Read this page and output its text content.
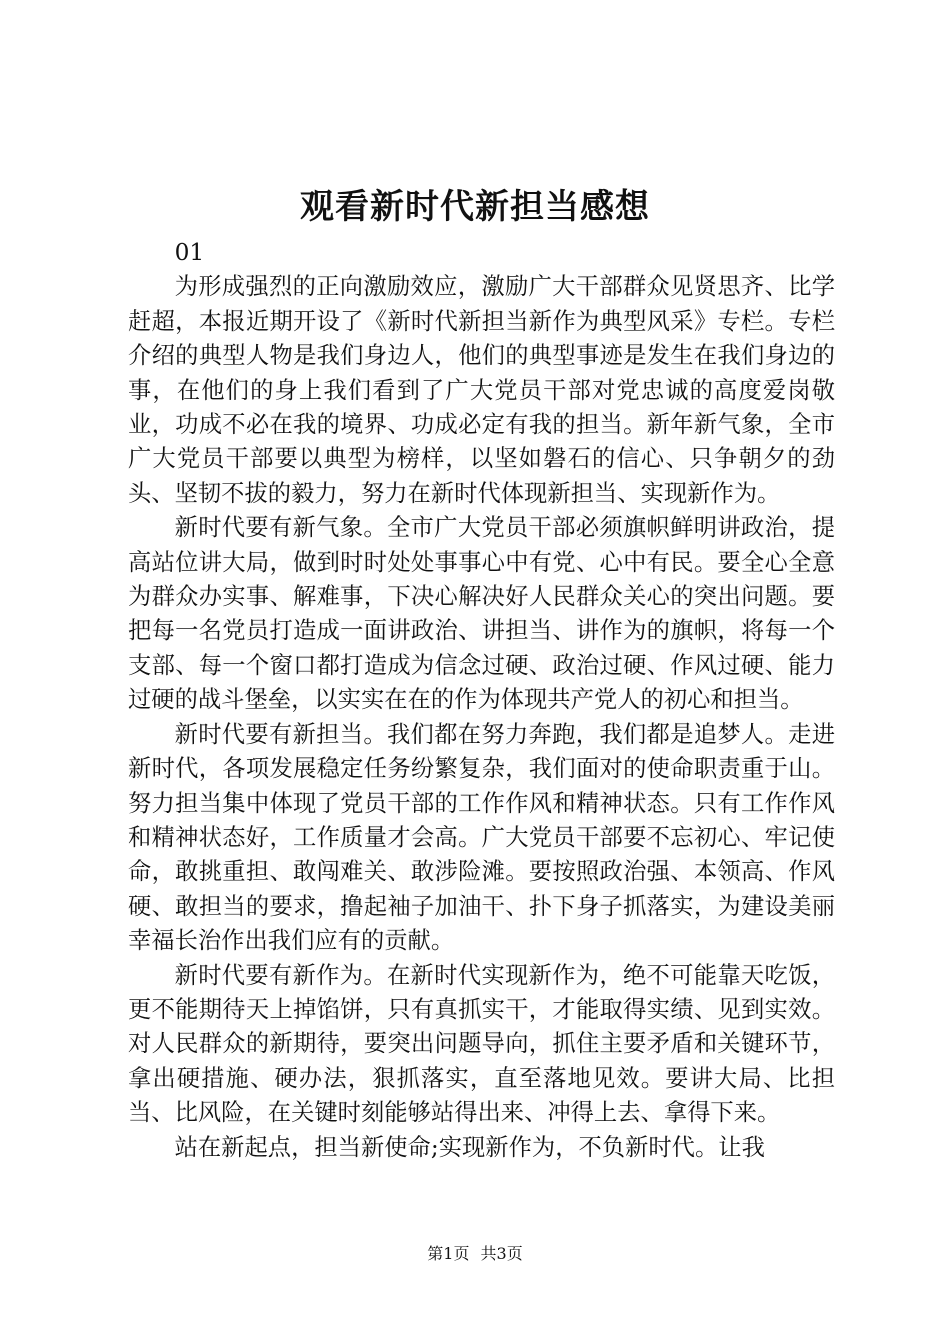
观看新时代新担当感想

01

为形成强烈的正向激励效应，激励广大干部群众见贤思齐、比学赶超，本报近期开设了《新时代新担当新作为典型风采》专栏。专栏介绍的典型人物是我们身边人，他们的典型事迹是发生在我们身边的事，在他们的身上我们看到了广大党员干部对党忠诚的高度爱岗敬业，功成不必在我的境界、功成必定有我的担当。新年新气象，全市广大党员干部要以典型为榜样，以坚如磐石的信心、只争朝夕的劲头、坚韧不拔的毅力，努力在新时代体现新担当、实现新作为。

新时代要有新气象。全市广大党员干部必须旗帜鲜明讲政治，提高站位讲大局，做到时时处处事事心中有党、心中有民。要全心全意为群众办实事、解难事，下决心解决好人民群众关心的突出问题。要把每一名党员打造成一面讲政治、讲担当、讲作为的旗帜，将每一个支部、每一个窗口都打造成为信念过硬、政治过硬、作风过硬、能力过硬的战斗堡垒，以实实在在的作为体现共产党人的初心和担当。

新时代要有新担当。我们都在努力奔跑，我们都是追梦人。走进新时代，各项发展稳定任务纷繁复杂，我们面对的使命职责重于山。努力担当集中体现了党员干部的工作作风和精神状态。只有工作作风和精神状态好，工作质量才会高。广大党员干部要不忘初心、牢记使命，敢挑重担、敢闯难关、敢涉险滩。要按照政治强、本领高、作风硬、敢担当的要求，撸起袖子加油干、扑下身子抓落实，为建设美丽幸福长治作出我们应有的贡献。

新时代要有新作为。在新时代实现新作为，绝不可能靠天吃饭，更不能期待天上掉馅饼，只有真抓实干，才能取得实绩、见到实效。对人民群众的新期待，要突出问题导向，抓住主要矛盾和关键环节，拿出硬措施、硬办法，狠抓落实，直至落地见效。要讲大局、比担当、比风险，在关键时刻能够站得出来、冲得上去、拿得下来。

站在新起点，担当新使命;实现新作为，不负新时代。让我

第1页 共3页
